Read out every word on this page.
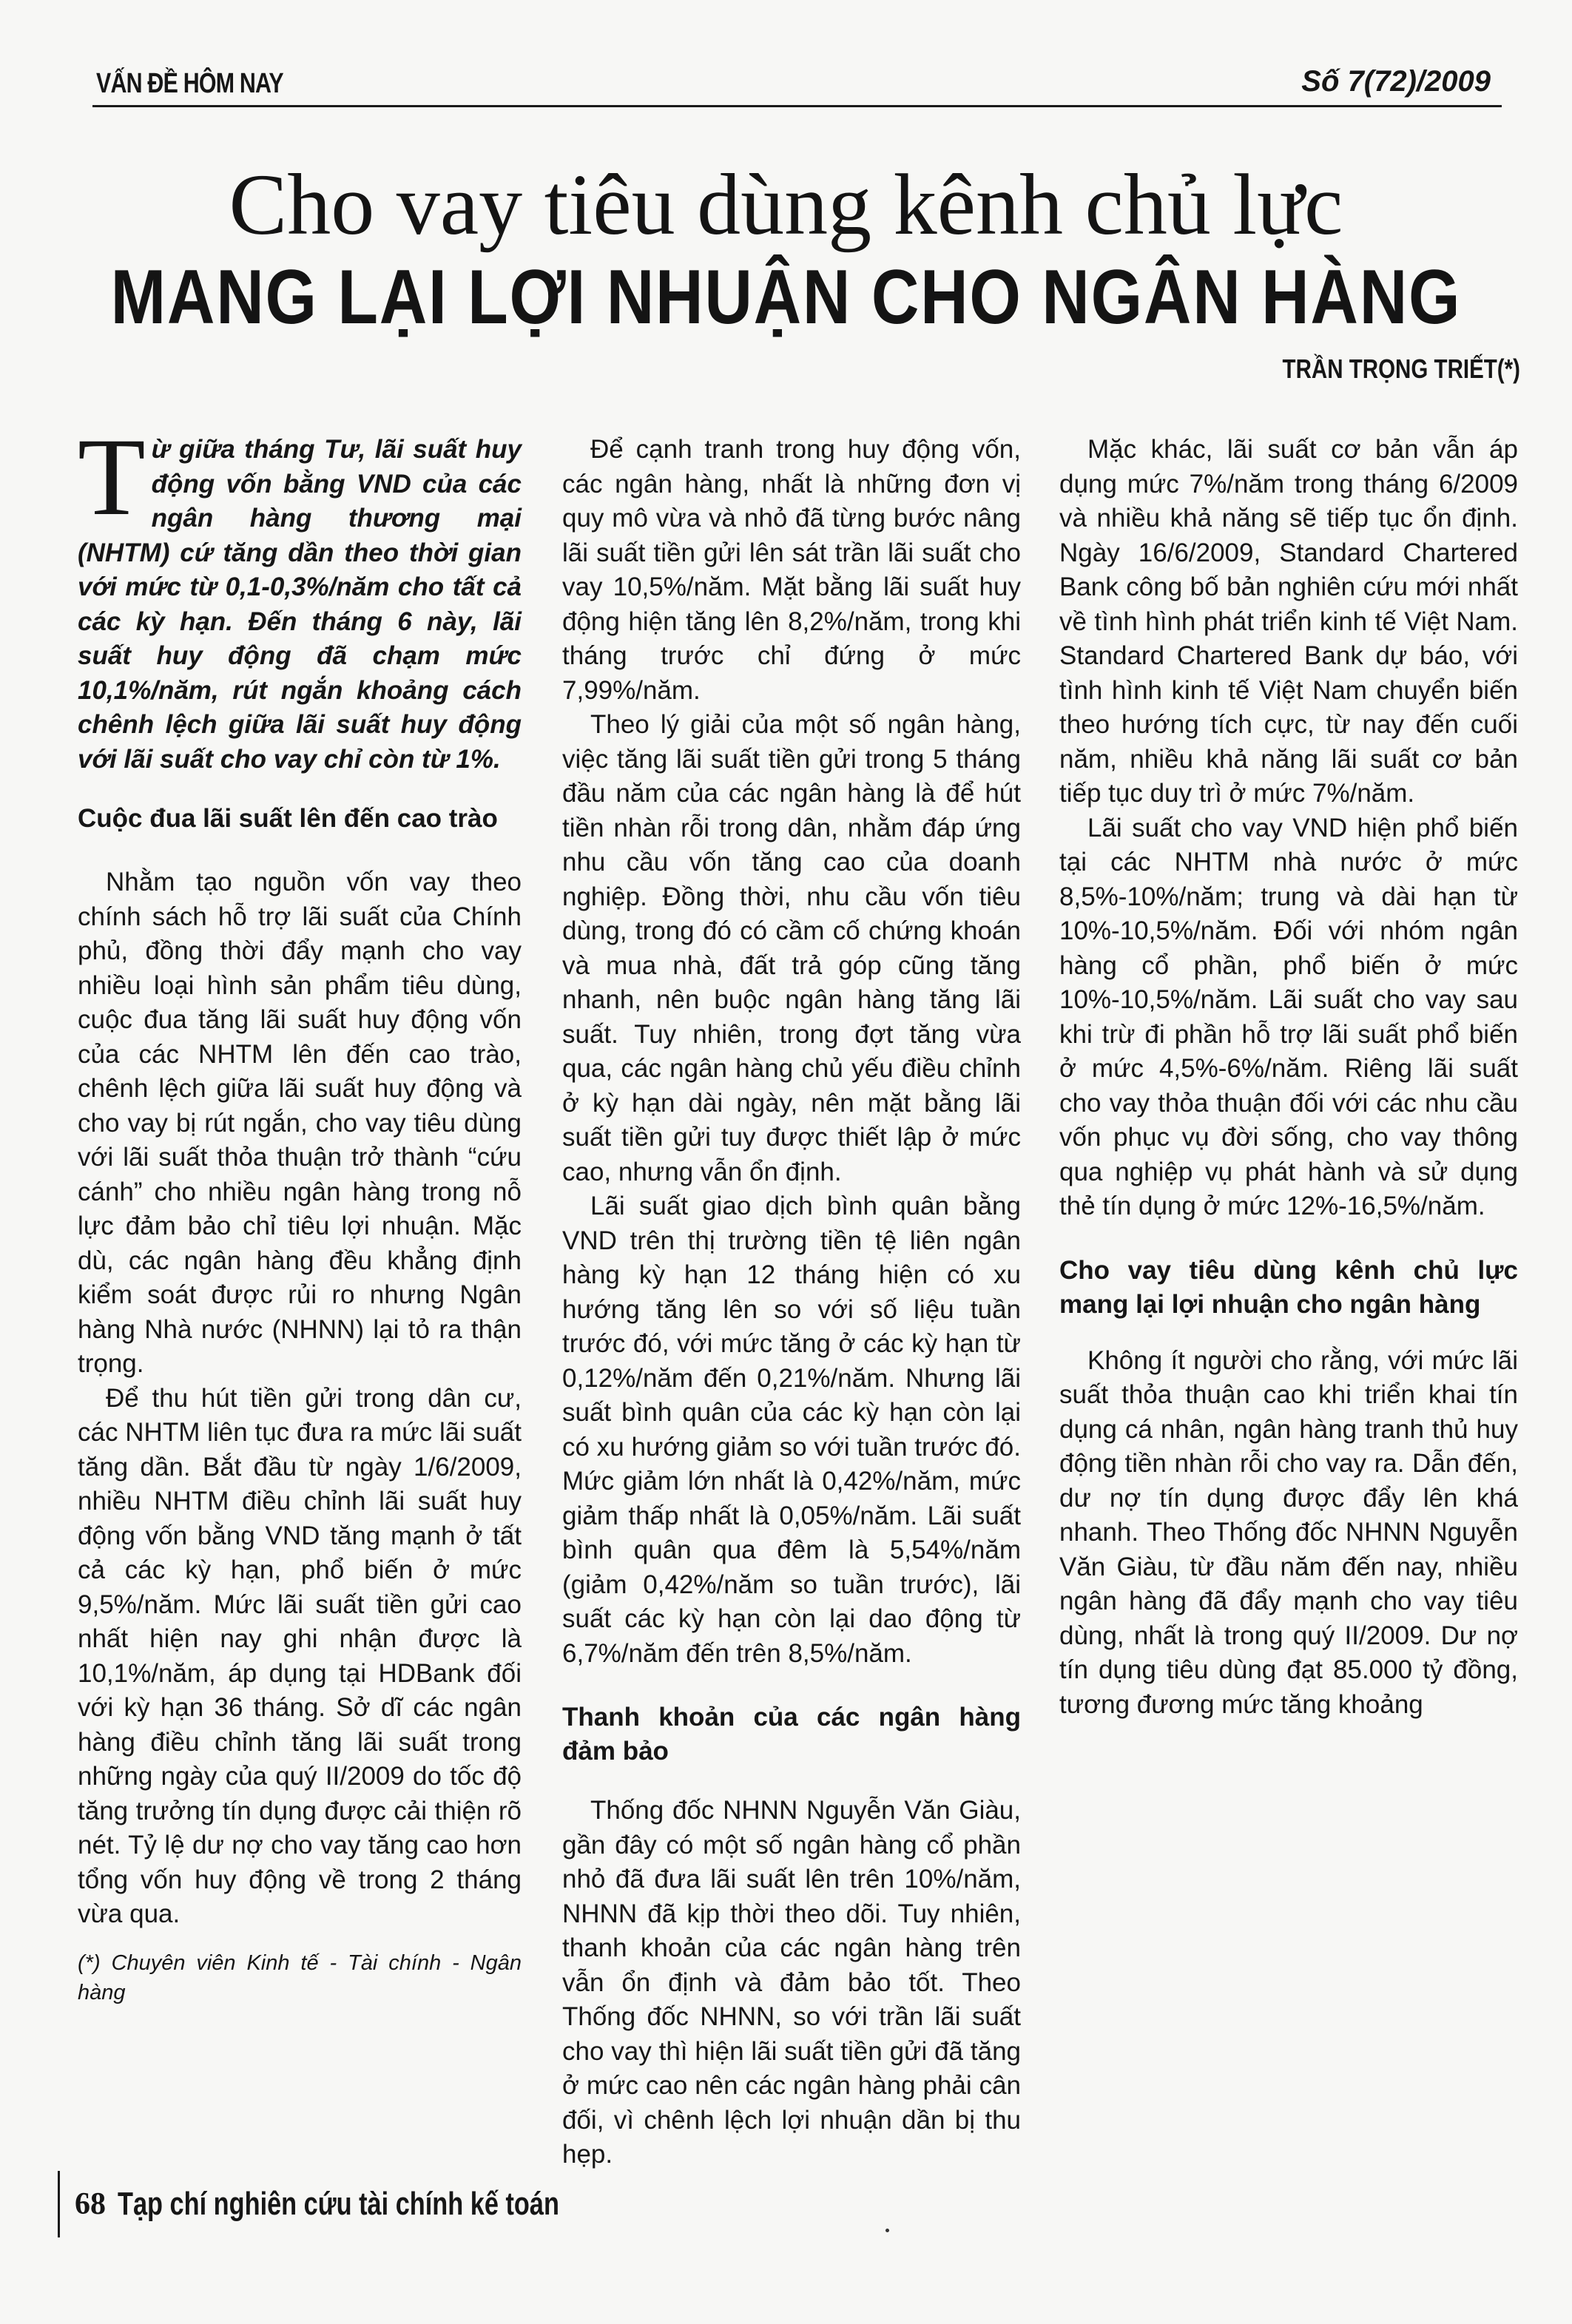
VẤN ĐỀ HÔM NAY	Số 7(72)/2009
Cho vay tiêu dùng kênh chủ lực
MANG LẠI LỢI NHUẬN CHO NGÂN HÀNG
TRẦN TRỌNG TRIẾT(*)

Từ giữa tháng Tư, lãi suất huy động vốn bằng VND của các ngân hàng thương mại (NHTM) cứ tăng dần theo thời gian với mức từ 0,1-0,3%/năm cho tất cả các kỳ hạn. Đến tháng 6 này, lãi suất huy động đã chạm mức 10,1%/năm, rút ngắn khoảng cách chênh lệch giữa lãi suất huy động với lãi suất cho vay chỉ còn từ 1%.

Cuộc đua lãi suất lên đến cao trào

Nhằm tạo nguồn vốn vay theo chính sách hỗ trợ lãi suất của Chính phủ, đồng thời đẩy mạnh cho vay nhiều loại hình sản phẩm tiêu dùng, cuộc đua tăng lãi suất huy động vốn của các NHTM lên đến cao trào, chênh lệch giữa lãi suất huy động và cho vay bị rút ngắn, cho vay tiêu dùng với lãi suất thỏa thuận trở thành “cứu cánh” cho nhiều ngân hàng trong nỗ lực đảm bảo chỉ tiêu lợi nhuận. Mặc dù, các ngân hàng đều khẳng định kiểm soát được rủi ro nhưng Ngân hàng Nhà nước (NHNN) lại tỏ ra thận trọng.

Để thu hút tiền gửi trong dân cư, các NHTM liên tục đưa ra mức lãi suất tăng dần. Bắt đầu từ ngày 1/6/2009, nhiều NHTM điều chỉnh lãi suất huy động vốn bằng VND tăng mạnh ở tất cả các kỳ hạn, phổ biến ở mức 9,5%/năm. Mức lãi suất tiền gửi cao nhất hiện nay ghi nhận được là 10,1%/năm, áp dụng tại HDBank đối với kỳ hạn 36 tháng. Sở dĩ các ngân hàng điều chỉnh tăng lãi suất trong những ngày của quý II/2009 do tốc độ tăng trưởng tín dụng được cải thiện rõ nét. Tỷ lệ dư nợ cho vay tăng cao hơn tổng vốn huy động về trong 2 tháng vừa qua.

(*) Chuyên viên Kinh tế - Tài chính - Ngân hàng

Để cạnh tranh trong huy động vốn, các ngân hàng, nhất là những đơn vị quy mô vừa và nhỏ đã từng bước nâng lãi suất tiền gửi lên sát trần lãi suất cho vay 10,5%/năm. Mặt bằng lãi suất huy động hiện tăng lên 8,2%/năm, trong khi tháng trước chỉ đứng ở mức 7,99%/năm.

Theo lý giải của một số ngân hàng, việc tăng lãi suất tiền gửi trong 5 tháng đầu năm của các ngân hàng là để hút tiền nhàn rỗi trong dân, nhằm đáp ứng nhu cầu vốn tăng cao của doanh nghiệp. Đồng thời, nhu cầu vốn tiêu dùng, trong đó có cầm cố chứng khoán và mua nhà, đất trả góp cũng tăng nhanh, nên buộc ngân hàng tăng lãi suất. Tuy nhiên, trong đợt tăng vừa qua, các ngân hàng chủ yếu điều chỉnh ở kỳ hạn dài ngày, nên mặt bằng lãi suất tiền gửi tuy được thiết lập ở mức cao, nhưng vẫn ổn định.

Lãi suất giao dịch bình quân bằng VND trên thị trường tiền tệ liên ngân hàng kỳ hạn 12 tháng hiện có xu hướng tăng lên so với số liệu tuần trước đó, với mức tăng ở các kỳ hạn từ 0,12%/năm đến 0,21%/năm. Nhưng lãi suất bình quân của các kỳ hạn còn lại có xu hướng giảm so với tuần trước đó. Mức giảm lớn nhất là 0,42%/năm, mức giảm thấp nhất là 0,05%/năm. Lãi suất bình quân qua đêm là 5,54%/năm (giảm 0,42%/năm so tuần trước), lãi suất các kỳ hạn còn lại dao động từ 6,7%/năm đến trên 8,5%/năm.

Thanh khoản của các ngân hàng đảm bảo

Thống đốc NHNN Nguyễn Văn Giàu, gần đây có một số ngân hàng cổ phần nhỏ đã đưa lãi suất lên trên 10%/năm, NHNN đã kịp thời theo dõi. Tuy nhiên, thanh khoản của các ngân hàng trên vẫn ổn định và đảm bảo tốt. Theo Thống đốc NHNN, so với trần lãi suất cho vay thì hiện lãi suất tiền gửi đã tăng ở mức cao nên các ngân hàng phải cân đối, vì chênh lệch lợi nhuận dần bị thu hẹp.

Mặc khác, lãi suất cơ bản vẫn áp dụng mức 7%/năm trong tháng 6/2009 và nhiều khả năng sẽ tiếp tục ổn định. Ngày 16/6/2009, Standard Chartered Bank công bố bản nghiên cứu mới nhất về tình hình phát triển kinh tế Việt Nam. Standard Chartered Bank dự báo, với tình hình kinh tế Việt Nam chuyển biến theo hướng tích cực, từ nay đến cuối năm, nhiều khả năng lãi suất cơ bản tiếp tục duy trì ở mức 7%/năm.

Lãi suất cho vay VND hiện phổ biến tại các NHTM nhà nước ở mức 8,5%-10%/năm; trung và dài hạn từ 10%-10,5%/năm. Đối với nhóm ngân hàng cổ phần, phổ biến ở mức 10%-10,5%/năm. Lãi suất cho vay sau khi trừ đi phần hỗ trợ lãi suất phổ biến ở mức 4,5%-6%/năm. Riêng lãi suất cho vay thỏa thuận đối với các nhu cầu vốn phục vụ đời sống, cho vay thông qua nghiệp vụ phát hành và sử dụng thẻ tín dụng ở mức 12%-16,5%/năm.

Cho vay tiêu dùng kênh chủ lực mang lại lợi nhuận cho ngân hàng

Không ít người cho rằng, với mức lãi suất thỏa thuận cao khi triển khai tín dụng cá nhân, ngân hàng tranh thủ huy động tiền nhàn rỗi cho vay ra. Dẫn đến, dư nợ tín dụng được đẩy lên khá nhanh. Theo Thống đốc NHNN Nguyễn Văn Giàu, từ đầu năm đến nay, nhiều ngân hàng đã đẩy mạnh cho vay tiêu dùng, nhất là trong quý II/2009. Dư nợ tín dụng tiêu dùng đạt 85.000 tỷ đồng, tương đương mức tăng khoảng

68 Tạp chí nghiên cứu tài chính kế toán
